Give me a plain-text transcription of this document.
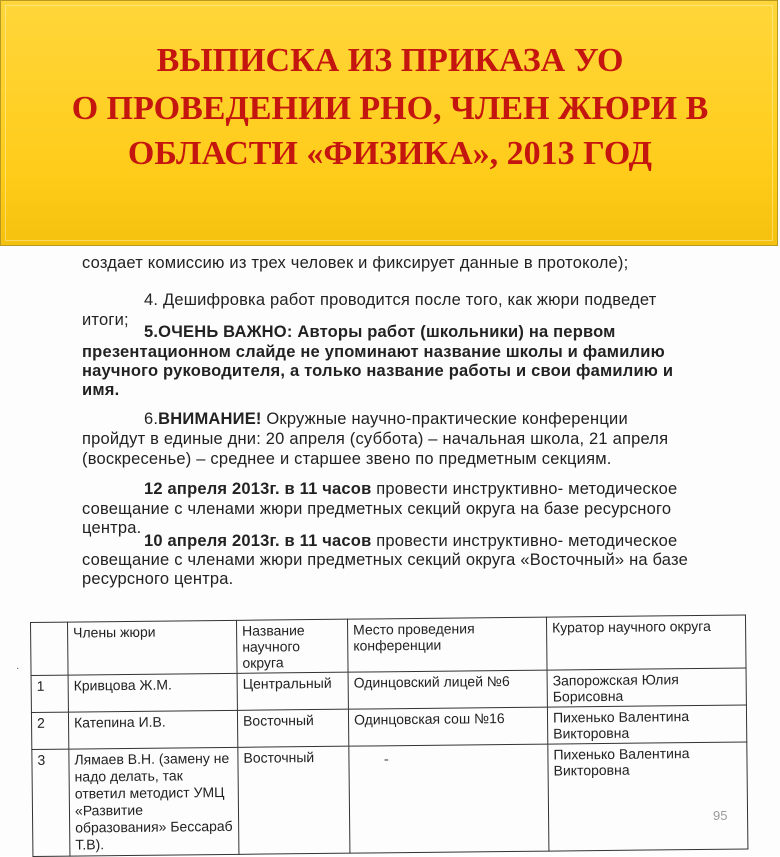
создает комиссию из трех человек и фиксирует данные в протоколе);
4. Дешифровка работ проводится после того, как жюри подведет
итоги;
5.ОЧЕНЬ ВАЖНО: Авторы работ (школьники) на первом
презентационном слайде не упоминают название школы и фамилию
научного руководителя, а только название работы и свои фамилию и
имя.
6.ВНИМАНИЕ! Окружные научно-практические конференции
пройдут в единые дни: 20 апреля (суббота) – начальная школа, 21 апреля
(воскресенье) – среднее и старшее звено по предметным секциям.
12 апреля 2013г. в 11 часов провести инструктивно- методическое
совещание с членами жюри предметных секций округа на базе ресурсного
центра.
10 апреля 2013г. в 11 часов провести инструктивно- методическое
совещание с членами жюри предметных секций округа «Восточный» на базе
ресурсного центра.
	Члены жюри	Название научного округа	Место проведения конференции	Куратор научного округа
1	Кривцова Ж.М.	Центральный	Одинцовский лицей №6	Запорожская Юлия Борисовна
2	Катепина И.В.	Восточный	Одинцовская сош №16	Пихенько Валентина Викторовна
3	Лямаев В.Н. (замену не надо делать, так ответил методист УМЦ «Развитие образования» Бессараб Т.В).	Восточный		Пихенько Валентина Викторовна
-
·
95
ВЫПИСКА ИЗ ПРИКАЗА УО
О ПРОВЕДЕНИИ РНО, ЧЛЕН ЖЮРИ В
ОБЛАСТИ «ФИЗИКА», 2013 ГОД
